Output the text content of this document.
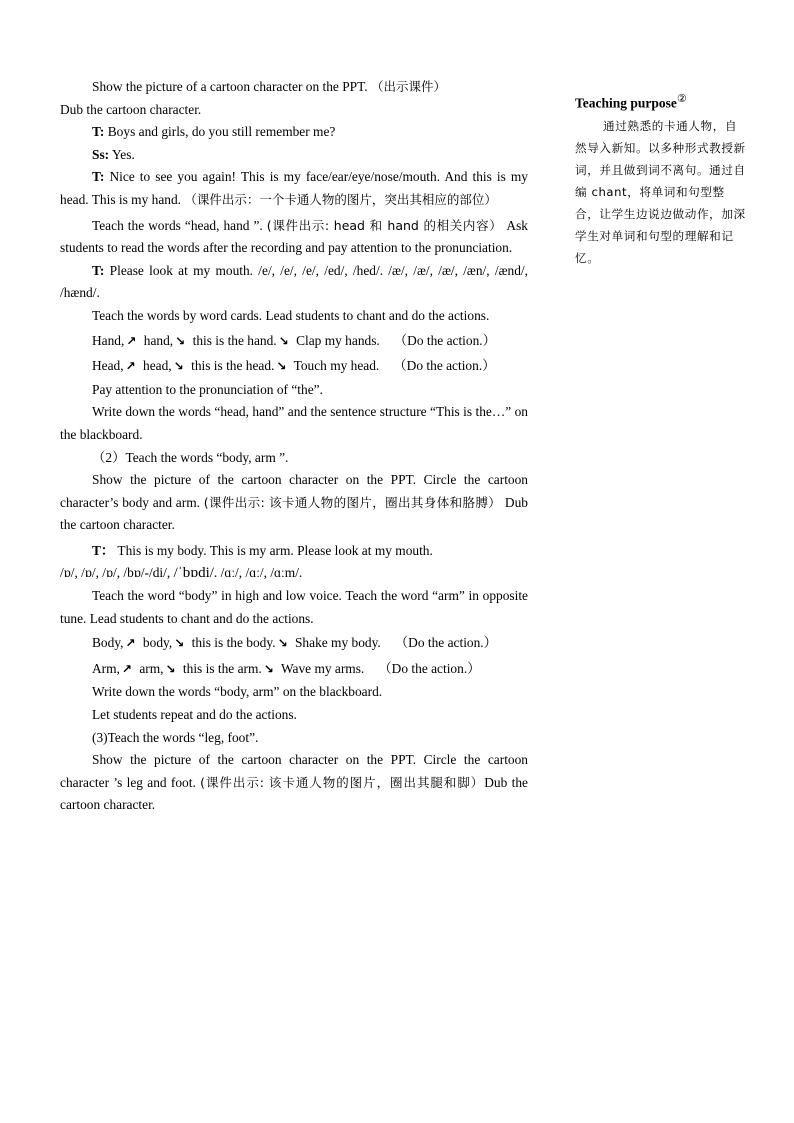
Show the picture of a cartoon character on the PPT. （出示课件）

Dub the cartoon character.

T: Boys and girls, do you still remember me?

Ss: Yes.

T: Nice to see you again! This is my face/ear/eye/nose/mouth. And this is my head. This is my hand. （课件出示：一个卡通人物的图片，突出其相应的部位）

Teach the words “head, hand ”. (课件出示: head 和 hand 的相关内容） Ask students to read the words after the recording and pay attention to the pronunciation.

T: Please look at my mouth. /e/, /e/, /e/, /ed/, /hed/. /æ/, /æ/, /æ/, /æn/, /ænd/, /hænd/.

Teach the words by word cards. Lead students to chant and do the actions.

Hand, ↗ hand, ↘ this is the hand. ↘ Clap my hands. （Do the action.）

Head, ↗ head, ↘ this is the head. ↘ Touch my head. （Do the action.）

Pay attention to the pronunciation of “the”.

Write down the words “head, hand” and the sentence structure “This is the…” on the blackboard.

（2）Teach the words “body, arm ”.

Show the picture of the cartoon character on the PPT. Circle the cartoon character’s body and arm. (课件出示: 该卡通人物的图片，圈出其身体和胳膊） Dub the cartoon character.

T： This is my body. This is my arm. Please look at my mouth.

/ɒ/, /ɒ/, /ɒ/, /bɒ/-/di/, /ˈbɒdi/. /ɑː/, /ɑː/, /ɑːm/.

Teach the word “body” in high and low voice. Teach the word “arm” in opposite tune. Lead students to chant and do the actions.

Body, ↗ body, ↘ this is the body. ↘ Shake my body. （Do the action.）

Arm, ↗ arm, ↘ this is the arm. ↘ Wave my arms. （Do the action.）

Write down the words “body, arm” on the blackboard.

Let students repeat and do the actions.

(3)Teach the words “leg, foot”.

Show the picture of the cartoon character on the PPT. Circle the cartoon character ’s leg and foot. (课件出示: 该卡通人物的图片，圈出其腿和脚）Dub the cartoon character.

Teaching purpose②

通过熟悉的卡通人物，自然导入新知。以多种形式教授新词，并且做到词不离句。通过自编 chant，将单词和句型整合，让学生边说边做动作，加深学生对单词和句型的理解和记忆。
